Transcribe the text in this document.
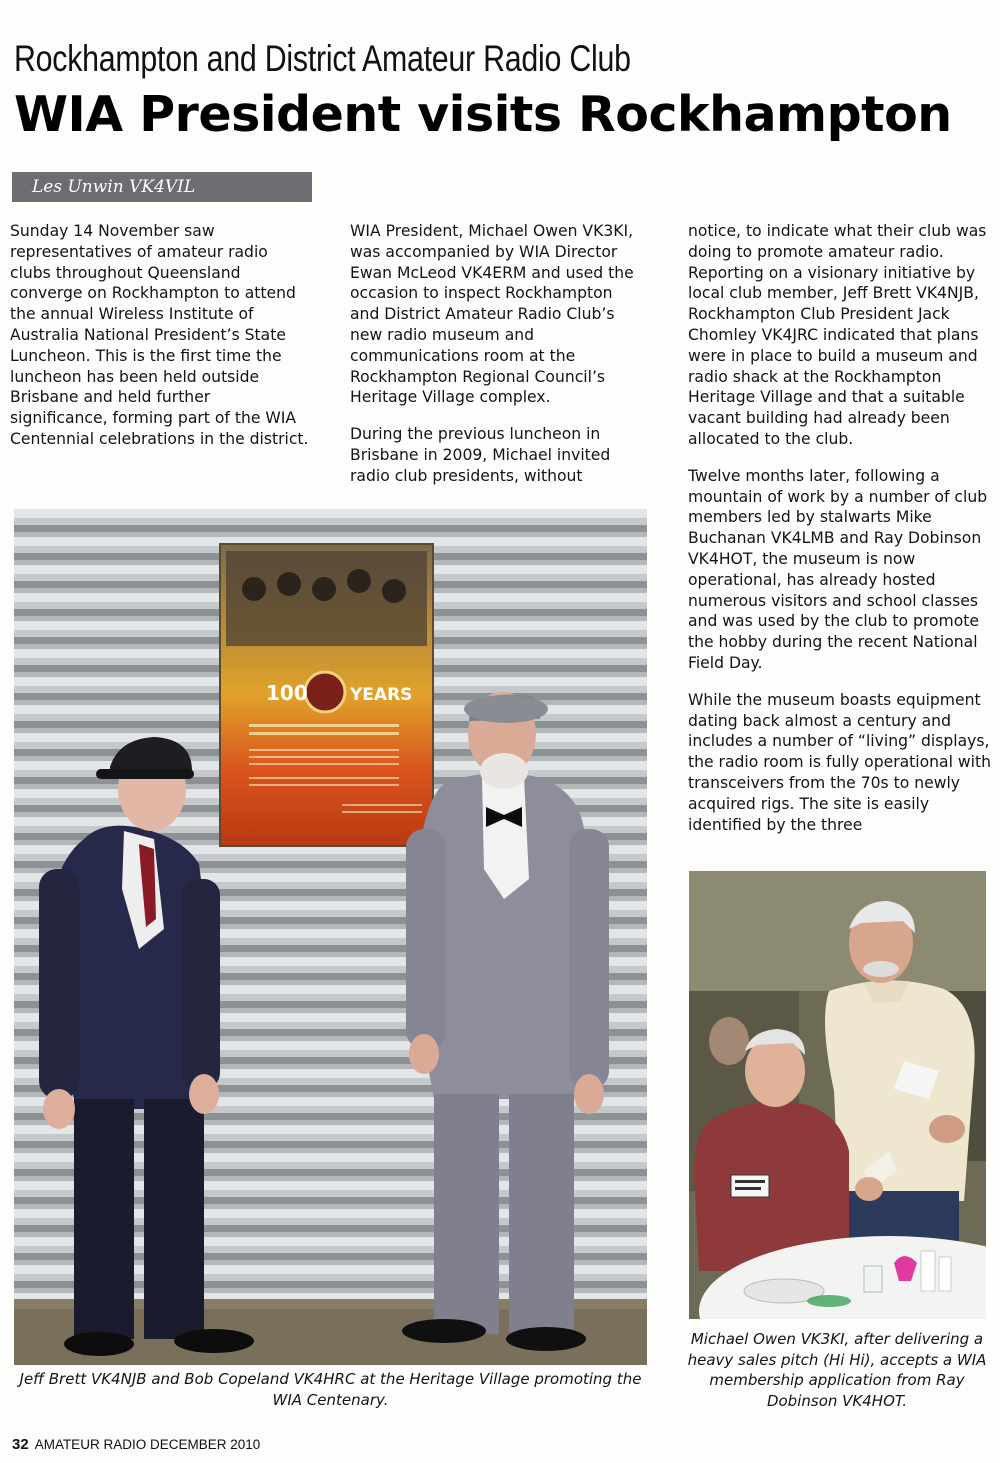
Rockhampton and District Amateur Radio Club
WIA President visits Rockhampton
Les Unwin VK4VIL

Sunday 14 November saw representatives of amateur radio clubs throughout Queensland converge on Rockhampton to attend the annual Wireless Institute of Australia National President’s State Luncheon. This is the first time the luncheon has been held outside Brisbane and held further significance, forming part of the WIA Centennial celebrations in the district.

WIA President, Michael Owen VK3KI, was accompanied by WIA Director Ewan McLeod VK4ERM and used the occasion to inspect Rockhampton and District Amateur Radio Club’s new radio museum and communications room at the Rockhampton Regional Council’s Heritage Village complex.

During the previous luncheon in Brisbane in 2009, Michael invited radio club presidents, without

notice, to indicate what their club was doing to promote amateur radio. Reporting on a visionary initiative by local club member, Jeff Brett VK4NJB, Rockhampton Club President Jack Chomley VK4JRC indicated that plans were in place to build a museum and radio shack at the Rockhampton Heritage Village and that a suitable vacant building had already been allocated to the club.

Twelve months later, following a mountain of work by a number of club members led by stalwarts Mike Buchanan VK4LMB and Ray Dobinson VK4HOT, the museum is now operational, has already hosted numerous visitors and school classes and was used by the club to promote the hobby during the recent National Field Day.

While the museum boasts equipment dating back almost a century and includes a number of “living” displays, the radio room is fully operational with transceivers from the 70s to newly acquired rigs. The site is easily identified by the three

100 YEARS
Jeff Brett VK4NJB and Bob Copeland VK4HRC at the Heritage Village promoting the WIA Centenary.
Michael Owen VK3KI, after delivering a heavy sales pitch (Hi Hi), accepts a WIA membership application from Ray Dobinson VK4HOT.
32 AMATEUR RADIO DECEMBER 2010
